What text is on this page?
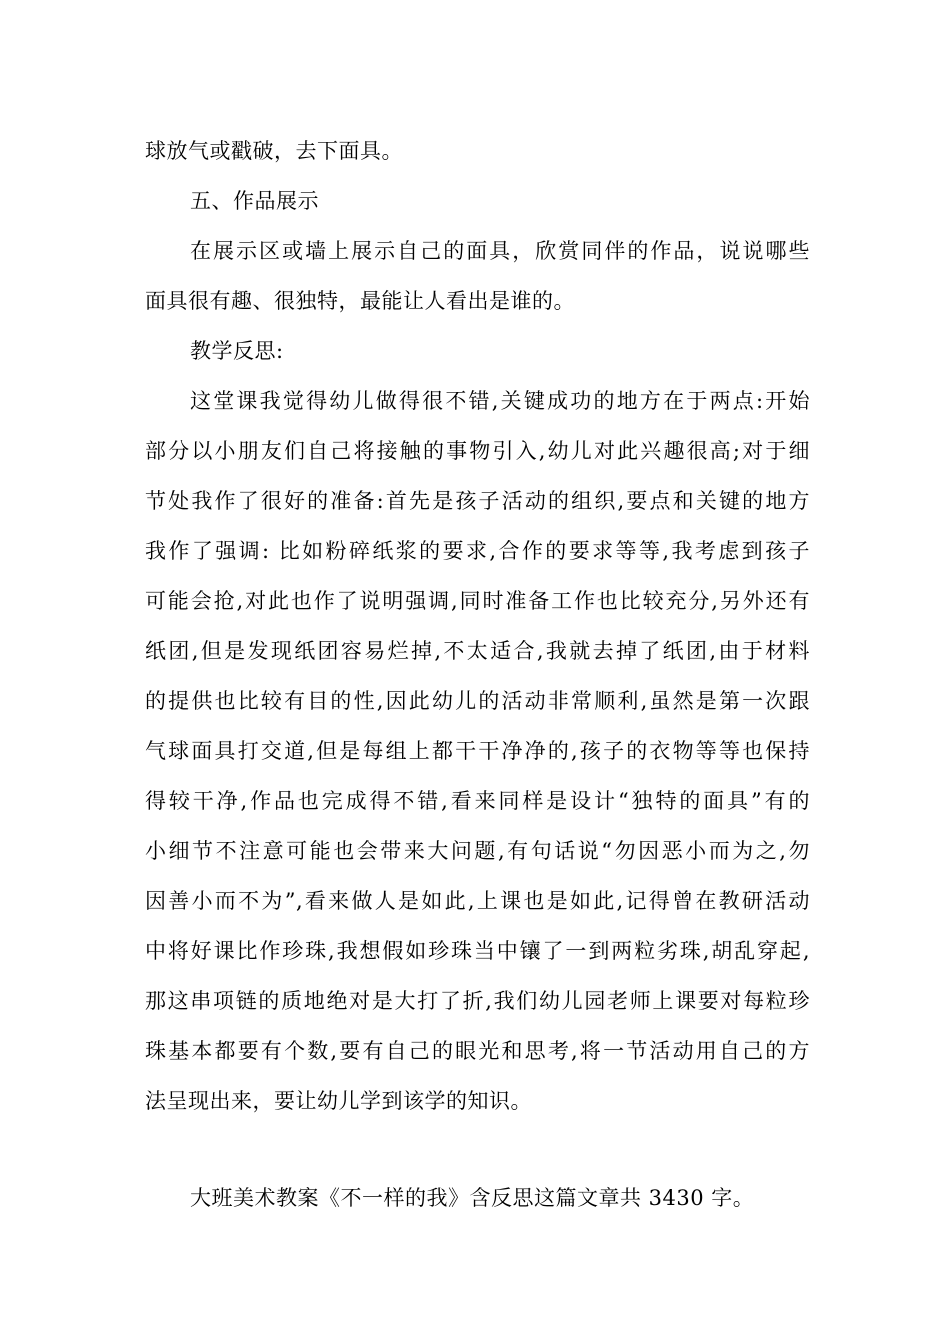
球放气或戳破，去下面具。
五、作品展示
在展示区或墙上展示自己的面具，欣赏同伴的作品，说说哪些
面具很有趣、很独特，最能让人看出是谁的。
教学反思:
这堂课我觉得幼儿做得很不错,关键成功的地方在于两点:开始
部分以小朋友们自己将接触的事物引入,幼儿对此兴趣很高;对于细
节处我作了很好的准备:首先是孩子活动的组织,要点和关键的地方
我作了强调: 比如粉碎纸浆的要求,合作的要求等等,我考虑到孩子
可能会抢,对此也作了说明强调,同时准备工作也比较充分,另外还有
纸团,但是发现纸团容易烂掉,不太适合,我就去掉了纸团,由于材料
的提供也比较有目的性,因此幼儿的活动非常顺利,虽然是第一次跟
气球面具打交道,但是每组上都干干净净的,孩子的衣物等等也保持
得较干净,作品也完成得不错,看来同样是设计“独特的面具”有的
小细节不注意可能也会带来大问题,有句话说“勿因恶小而为之,勿
因善小而不为”,看来做人是如此,上课也是如此,记得曾在教研活动
中将好课比作珍珠,我想假如珍珠当中镶了一到两粒劣珠,胡乱穿起,
那这串项链的质地绝对是大打了折,我们幼儿园老师上课要对每粒珍
珠基本都要有个数,要有自己的眼光和思考,将一节活动用自己的方
法呈现出来，要让幼儿学到该学的知识。
大班美术教案《不一样的我》含反思这篇文章共 3430 字。
